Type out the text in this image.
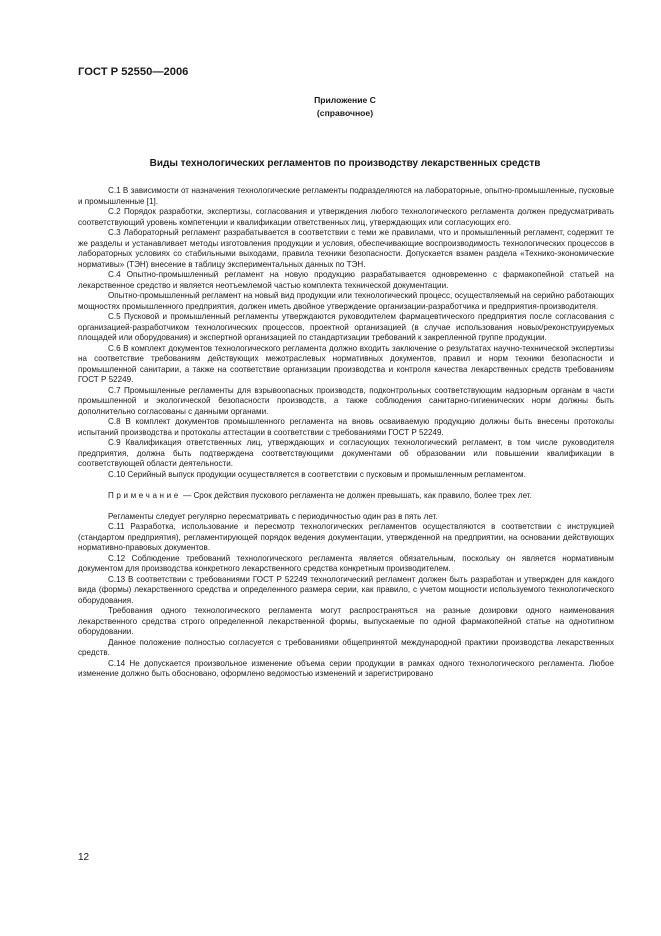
ГОСТ Р 52550—2006
Приложение С
(справочное)
Виды технологических регламентов по производству лекарственных средств

С.1 В зависимости от назначения технологические регламенты подразделяются на лабораторные, опытно-промышленные, пусковые и промышленные [1].

С.2 Порядок разработки, экспертизы, согласования и утверждения любого технологического регламента должен предусматривать соответствующий уровень компетенции и квалификации ответственных лиц, утверждающих или согласующих его.

С.3 Лабораторный регламент разрабатывается в соответствии с теми же правилами, что и промышленный регламент, содержит те же разделы и устанавливает методы изготовления продукции и условия, обеспечивающие воспроизводимость технологических процессов в лабораторных условиях со стабильными выходами, правила техники безопасности. Допускается взамен раздела «Технико-экономические нормативы» (ТЭН) внесение в таблицу экспериментальных данных по ТЭН.

С.4 Опытно-промышленный регламент на новую продукцию разрабатывается одновременно с фармакопейной статьей на лекарственное средство и является неотъемлемой частью комплекта технической документации.

Опытно-промышленный регламент на новый вид продукции или технологический процесс, осуществляемый на серийно работающих мощностях промышленного предприятия, должен иметь двойное утверждение организации-разработчика и предприятия-производителя.

С.5 Пусковой и промышленный регламенты утверждаются руководителем фармацевтического предприятия после согласования с организацией-разработчиком технологических процессов, проектной организацией (в случае использования новых/реконструируемых площадей или оборудования) и экспертной организацией по стандартизации требований к закрепленной группе продукции.

С.6 В комплект документов технологического регламента должно входить заключение о результатах научно-технической экспертизы на соответствие требованиям действующих межотраслевых нормативных документов, правил и норм техники безопасности и промышленной санитарии, а также на соответствие организации производства и контроля качества лекарственных средств требованиям ГОСТ Р 52249.

С.7 Промышленные регламенты для взрывоопасных производств, подконтрольных соответствующим надзорным органам в части промышленной и экологической безопасности производств, а также соблюдения санитарно-гигиенических норм должны быть дополнительно согласованы с данными органами.

С.8 В комплект документов промышленного регламента на вновь осваиваемую продукцию должны быть внесены протоколы испытаний производства и протоколы аттестации в соответствии с требованиями ГОСТ Р 52249.

С.9 Квалификация ответственных лиц, утверждающих и согласующих технологический регламент, в том числе руководителя предприятия, должна быть подтверждена соответствующими документами об образовании или повышении квалификации в соответствующей области деятельности.

С.10 Серийный выпуск продукции осуществляется в соответствии с пусковым и промышленным регламентом.

Примечание — Срок действия пускового регламента не должен превышать, как правило, более трех лет.

Регламенты следует регулярно пересматривать с периодичностью один раз в пять лет.

С.11 Разработка, использование и пересмотр технологических регламентов осуществляются в соответствии с инструкцией (стандартом предприятия), регламентирующей порядок ведения документации, утвержденной на предприятии, на основании действующих нормативно-правовых документов.

С.12 Соблюдение требований технологического регламента является обязательным, поскольку он является нормативным документом для производства конкретного лекарственного средства конкретным производителем.

С.13 В соответствии с требованиями ГОСТ Р 52249 технологический регламент должен быть разработан и утвержден для каждого вида (формы) лекарственного средства и определенного размера серии, как правило, с учетом мощности используемого технологического оборудования.

Требования одного технологического регламента могут распространяться на разные дозировки одного наименования лекарственного средства строго определенной лекарственной формы, выпускаемые по одной фармакопейной статье на однотипном оборудовании.

Данное положение полностью согласуется с требованиями общепринятой международной практики производства лекарственных средств.

С.14 Не допускается произвольное изменение объема серии продукции в рамках одного технологического регламента. Любое изменение должно быть обосновано, оформлено ведомостью изменений и зарегистрировано

12
